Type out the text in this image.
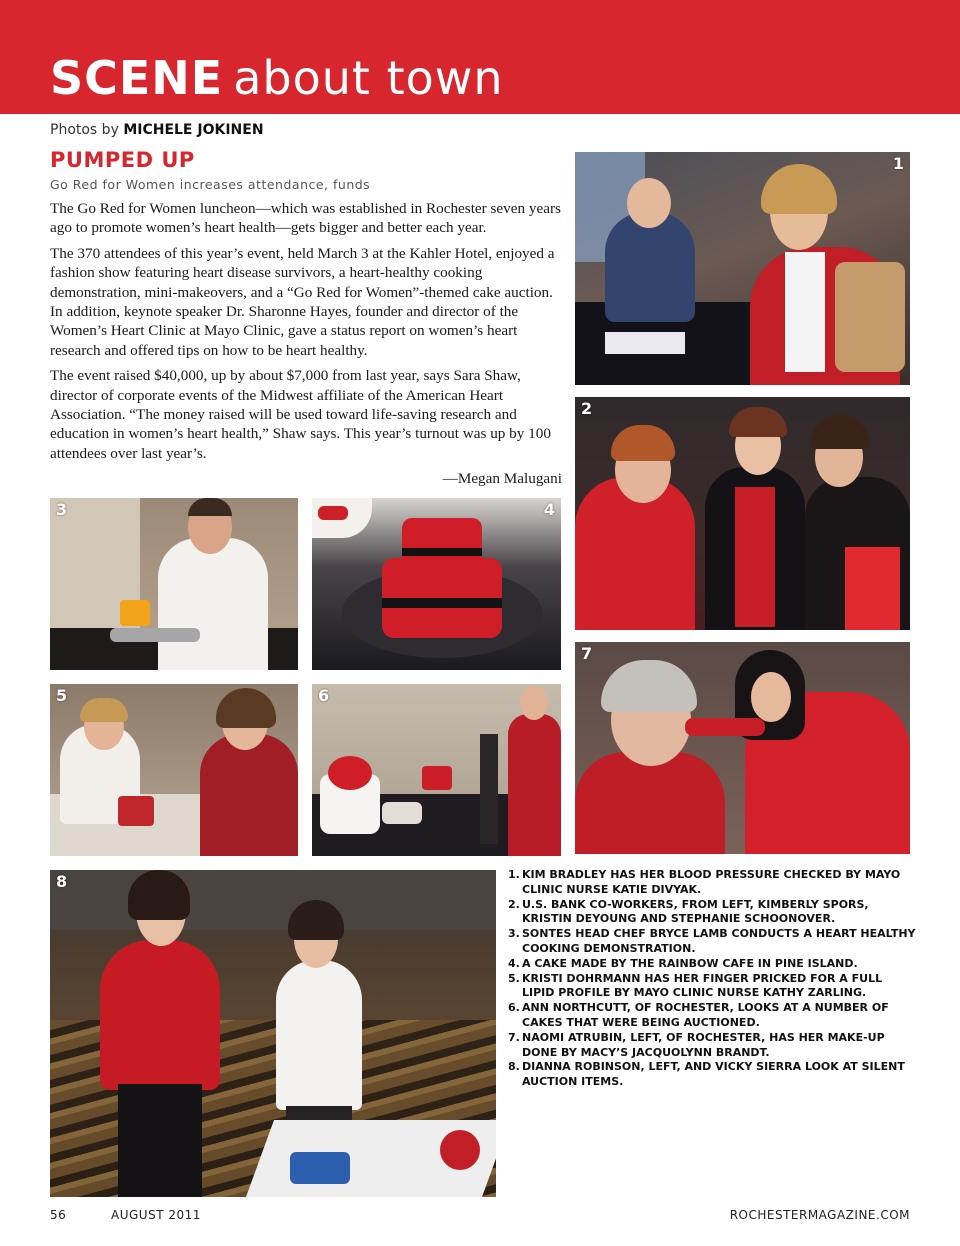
SCENE about town
Photos by MICHELE JOKINEN
PUMPED UP

Go Red for Women increases attendance, funds

The Go Red for Women luncheon—which was established in Rochester seven years ago to promote women’s heart health—gets bigger and better each year.

The 370 attendees of this year’s event, held March 3 at the Kahler Hotel, enjoyed a fashion show featuring heart disease survivors, a heart-healthy cooking demonstration, mini-makeovers, and a “Go Red for Women”-themed cake auction. In addition, keynote speaker Dr. Sharonne Hayes, founder and director of the Women’s Heart Clinic at Mayo Clinic, gave a status report on women’s heart research and offered tips on how to be heart healthy.

The event raised $40,000, up by about $7,000 from last year, says Sara Shaw, director of corporate events of the Midwest affiliate of the American Heart Association. “The money raised will be used toward life-saving research and education in women’s heart health,” Shaw says. This year’s turnout was up by 100 attendees over last year’s.

—Megan Malugani

1
2
3	4
5	6
7
8	1. KIM BRADLEY HAS HER BLOOD PRESSURE CHECKED BY MAYO CLINIC NURSE KATIE DIVYAK.
2. U.S. BANK CO-WORKERS, FROM LEFT, KIMBERLY SPORS, KRISTIN DEYOUNG AND STEPHANIE SCHOONOVER.
3. SONTES HEAD CHEF BRYCE LAMB CONDUCTS A HEART HEALTHY COOKING DEMONSTRATION.
4. A CAKE MADE BY THE RAINBOW CAFE IN PINE ISLAND.
5. KRISTI DOHRMANN HAS HER FINGER PRICKED FOR A FULL LIPID PROFILE BY MAYO CLINIC NURSE KATHY ZARLING.
6. ANN NORTHCUTT, OF ROCHESTER, LOOKS AT A NUMBER OF CAKES THAT WERE BEING AUCTIONED.
7. NAOMI ATRUBIN, LEFT, OF ROCHESTER, HAS HER MAKE-UP DONE BY MACY’S JACQUOLYNN BRANDT.
8. DIANNA ROBINSON, LEFT, AND VICKY SIERRA LOOK AT SILENT AUCTION ITEMS.
56	AUGUST 2011	ROCHESTERMAGAZINE.COM
